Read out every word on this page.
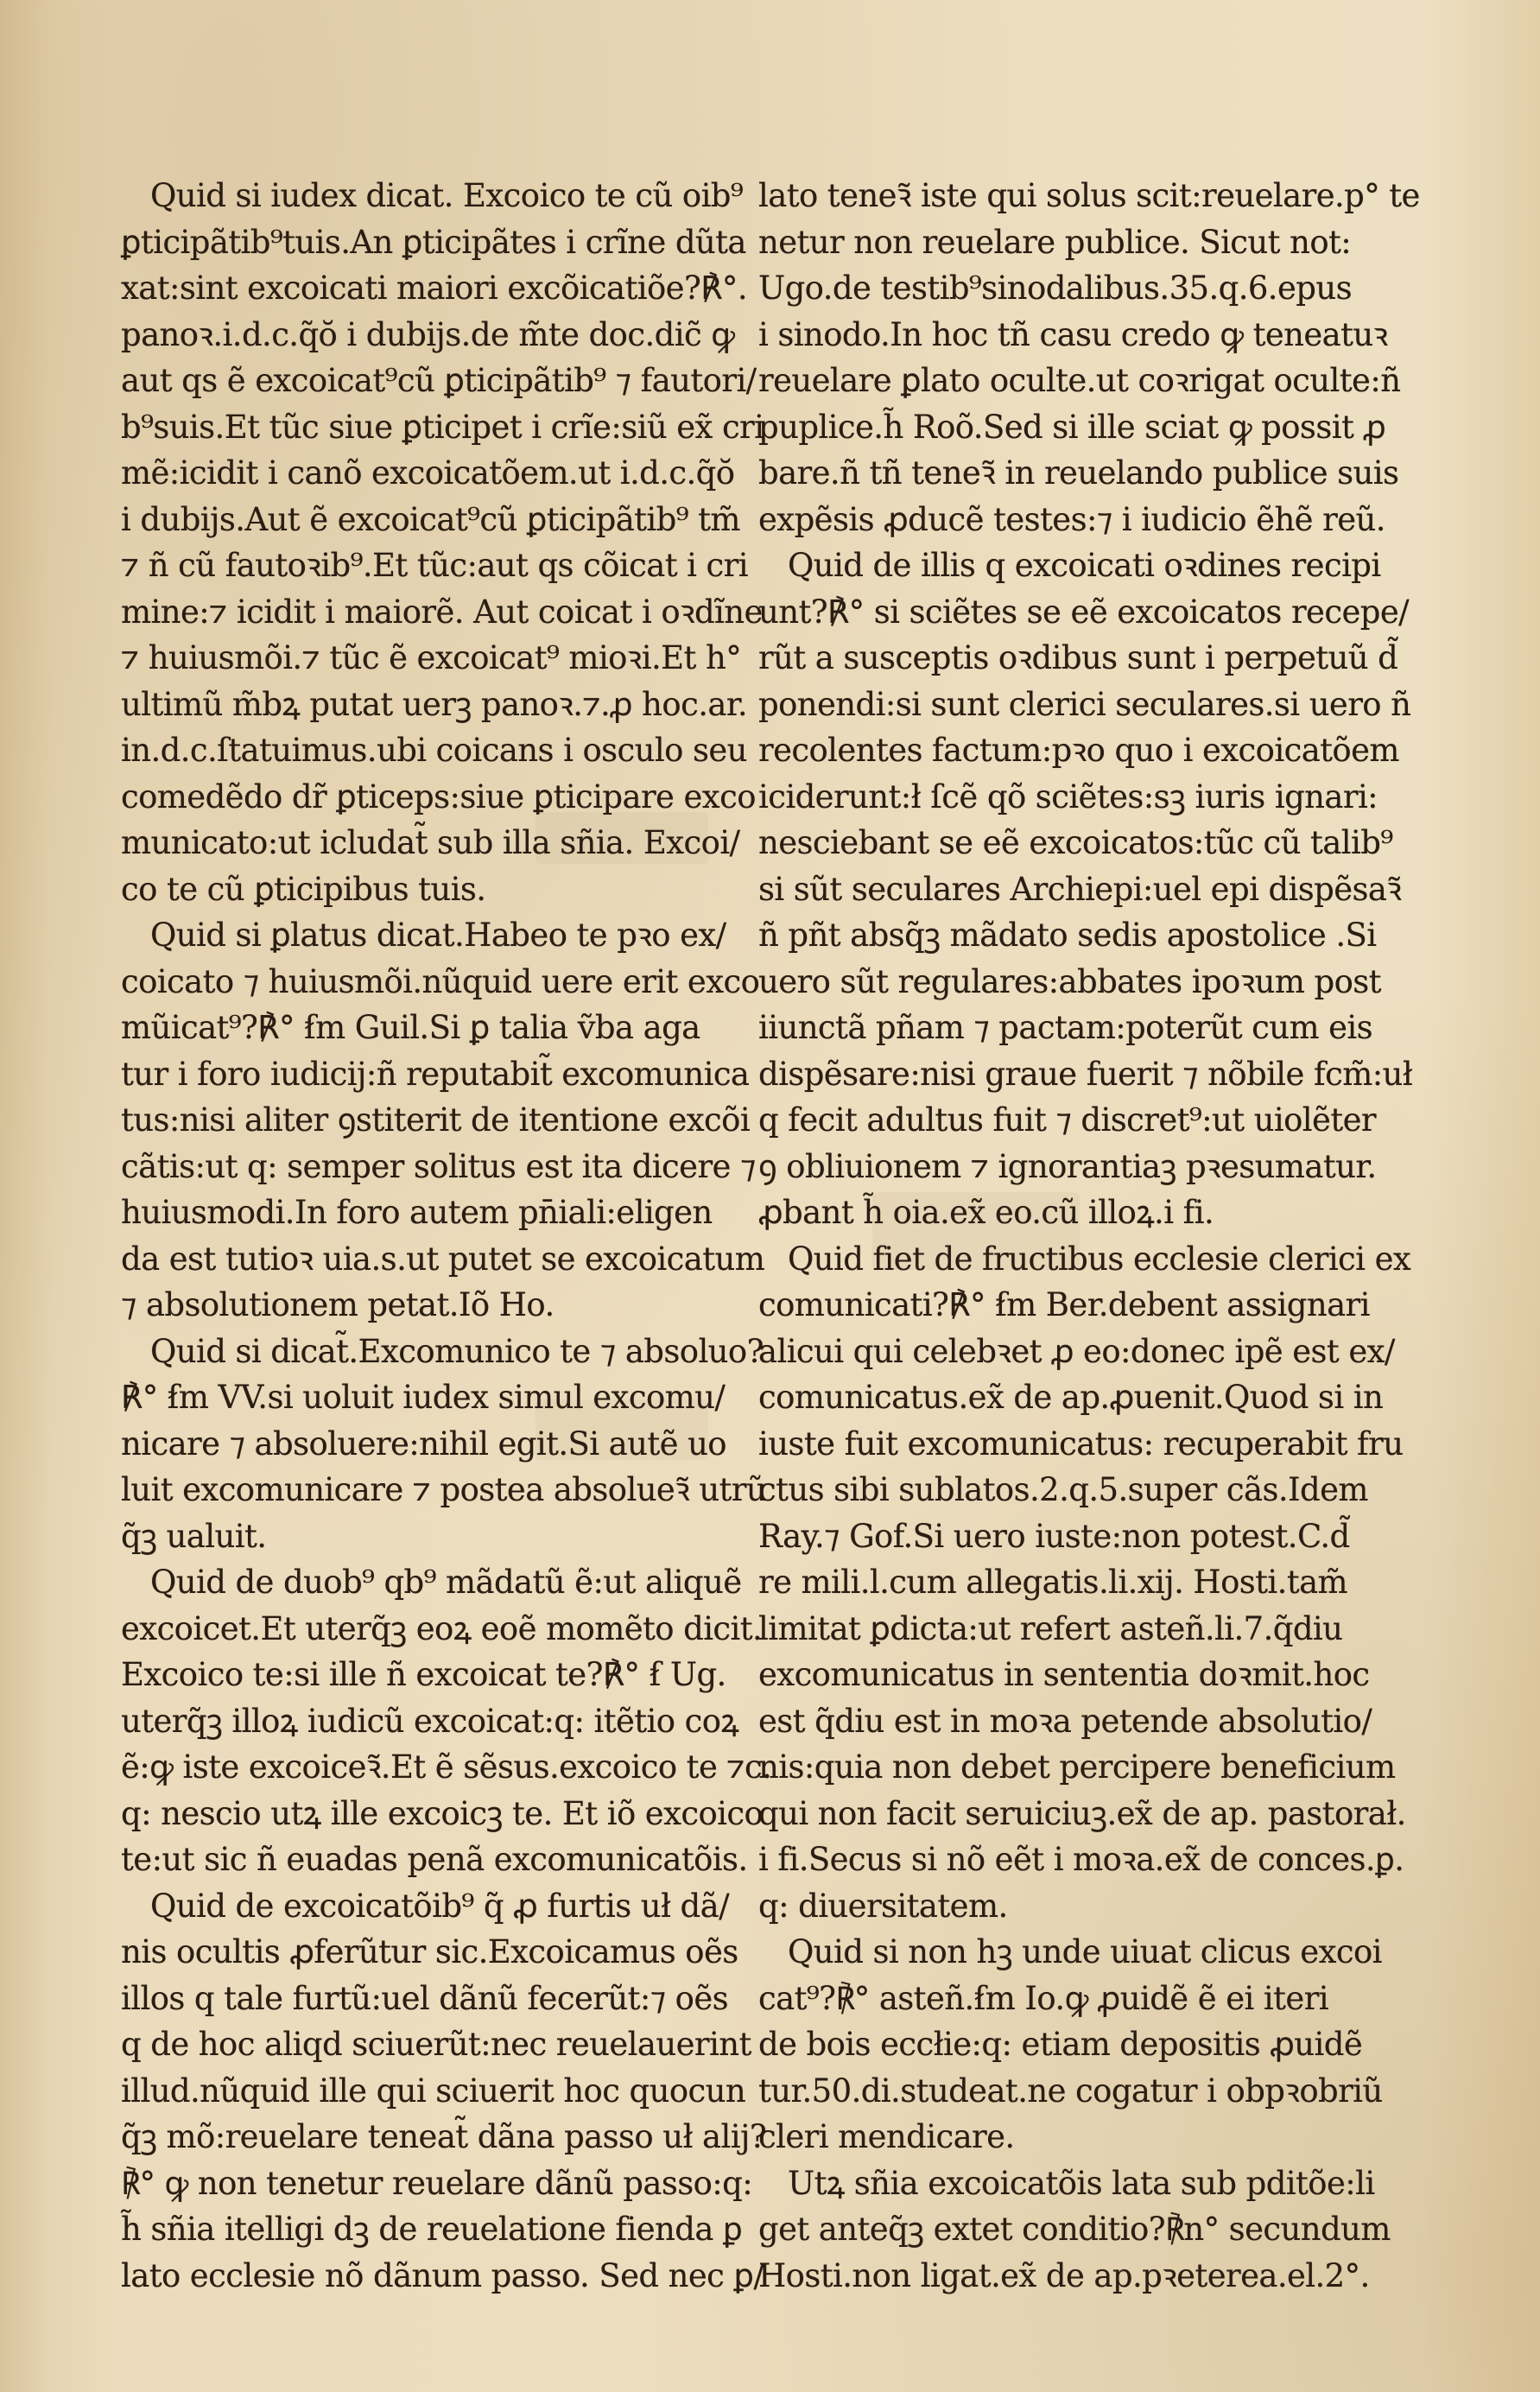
Quid si iudex dicat. Excoico te cũ oib⁹
ꝑticipãtib⁹tuis.An ꝑticipãtes i crĩne dũta
xat:sint excoicati maiori excõicatiõe?℟°.
panoꝛ.i.d.c.q̃ŏ i dubijs.de m̃te doc.dic̃ ꝙ
aut qs ẽ excoicat⁹cũ ꝑticipãtib⁹ ⁊ fautori/
b⁹suis.Et tũc siue ꝑticipet i crĩe:siũ ex̃ cri
mẽ:icidit i canõ excoicatõem.ut i.d.c.q̃ŏ
i dubijs.Aut ẽ excoicat⁹cũ ꝑticipãtib⁹ tm̃
⁊ ñ cũ fautoꝛib⁹.Et tũc:aut qs cõicat i cri
mine:⁊ icidit i maiorẽ. Aut coicat i oꝛdĩne
⁊ huiusmõi.⁊ tũc ẽ excoicat⁹ mioꝛi.Et h°
ultimũ m̃bꝝ putat uerꝫ panoꝛ.⁊.ꝓ hoc.ar.
in.d.c.ſtatuimus.ubi coicans i osculo seu
comedẽdo dr̃ ꝑticeps:siue ꝑticipare exco
municato:ut icludat̃ sub illa sñia. Excoi/
co te cũ ꝑticipibus tuis.
Quid si ꝑlatus dicat.Habeo te pꝛo ex/
coicato ⁊ huiusmõi.nũquid uere erit exco
mũicat⁹?℟° ẜm Guil.Si ꝑ talia ṽba aga
tur i foro iudicij:ñ reputabit̃ excomunica
tus:nisi aliter ꝯstiterit de itentione excõi
cãtis:ut q: semper solitus est ita dicere ⁊
huiusmodi.In foro autem pn̄iali:eligen
da est tutioꝛ uia.s.ut putet se excoicatum
⁊ absolutionem petat.Iõ Ho.
Quid si dicat̃.Excomunico te ⁊ absoluo?
℟° ẜm VV.si uoluit iudex simul excomu/
nicare ⁊ absoluere:nihil egit.Si autẽ uo
luit excomunicare ⁊ postea absolueꝛ̃ utrũ
q̃ꝫ ualuit.
Quid de duob⁹ qb⁹ mãdatũ ẽ:ut aliquẽ
excoicet.Et uterq̃ꝫ eoꝝ eoẽ momẽto dicit.
Excoico te:si ille ñ excoicat te?℟° ẜ Ug.
uterq̃ꝫ illoꝝ iudicũ excoicat:q: itẽtio coꝝ
ẽ:ꝙ iste excoiceꝛ̃.Et ẽ sẽsus.excoico te ⁊c.
q: nescio utꝝ ille excoicꝫ te. Et iõ excoico
te:ut sic ñ euadas penã excomunicatõis.
Quid de excoicatõib⁹ q̃ ꝓ furtis uł dã/
nis ocultis ꝓferũtur sic.Excoicamus oẽs
illos q tale furtũ:uel dãnũ fecerũt:⁊ oẽs
q de hoc aliqd sciuerũt:nec reuelauerint
illud.nũquid ille qui sciuerit hoc quocun
q̃ꝫ mõ:reuelare teneat̃ dãna passo uł alij?
℟° ꝙ non tenetur reuelare dãnũ passo:q:
h̃ sñia itelligi dꝫ de reuelatione fienda ꝑ
lato ecclesie nõ dãnum passo. Sed nec ꝑ/
lato teneꝛ̃ iste qui solus scit:reuelare.p° te
netur non reuelare publice. Sicut not:
Ugo.de testib⁹sinodalibus.35.q.6.epus
i sinodo.In hoc tñ casu credo ꝙ teneatuꝛ
reuelare ꝑlato oculte.ut coꝛrigat oculte:ñ
puplice.h̃ Roõ.Sed si ille sciat ꝙ possit ꝓ
bare.ñ tñ teneꝛ̃ in reuelando publice suis
expẽsis ꝓducẽ testes:⁊ i iudicio ẽhẽ reũ.
Quid de illis q excoicati oꝛdines recipi
unt?℟° si sciẽtes se eẽ excoicatos recepe/
rũt a susceptis oꝛdibus sunt i perpetuũ d̃
ponendi:si sunt clerici seculares.si uero ñ
recolentes factum:pꝛo quo i excoicatõem
iciderunt:ł ſcẽ qõ sciẽtes:sꝫ iuris ignari:
nesciebant se eẽ excoicatos:tũc cũ talib⁹
si sũt seculares Archiepi:uel epi dispẽsaꝛ̃
ñ pñt absq̃ꝫ mãdato sedis apostolice .Si
uero sũt regulares:abbates ipoꝛum post
iiunctã pñam ⁊ pactam:poterũt cum eis
dispẽsare:nisi graue fuerit ⁊ nõbile fcm̃:uł
q fecit adultus fuit ⁊ discret⁹:ut uiolẽter
ꝯ obliuionem ⁊ ignorantiaꝫ pꝛesumatur.
ꝓbant h̃ oia.ex̃ eo.cũ illoꝝ.i fi.
Quid fiet de fructibus ecclesie clerici ex
comunicati?℟° ẜm Ber.debent assignari
alicui qui celebꝛet ꝓ eo:donec ipẽ est ex/
comunicatus.ex̃ de ap.ꝓuenit.Quod si in
iuste fuit excomunicatus: recuperabit fru
ctus sibi sublatos.2.q.5.super cãs.Idem
Ray.⁊ Gof.Si uero iuste:non potest.C.d̃
re mili.l.cum allegatis.li.xij. Hosti.tam̃
limitat ꝑdicta:ut refert asteñ.li.7.q̃diu
excomunicatus in sententia doꝛmit.hoc
est q̃diu est in moꝛa petende absolutio/
nis:quia non debet percipere beneficium
qui non facit seruiciuꝫ.ex̃ de ap. pastorał.
i fi.Secus si nõ eẽt i moꝛa.ex̃ de conces.ꝑ.
q: diuersitatem.
Quid si non hꝫ unde uiuat clicus excoi
cat⁹?℟° asteñ.ẜm Io.ꝙ ꝓuidẽ ẽ ei iteri
de bois eccłie:q: etiam depositis ꝓuidẽ
tur.50.di.studeat.ne cogatur i obpꝛobriũ
cleri mendicare.
Utꝝ sñia excoicatõis lata sub pditõe:li
get anteq̃ꝫ extet conditio?℟n° secundum
Hosti.non ligat.ex̃ de ap.pꝛeterea.el.2°.
